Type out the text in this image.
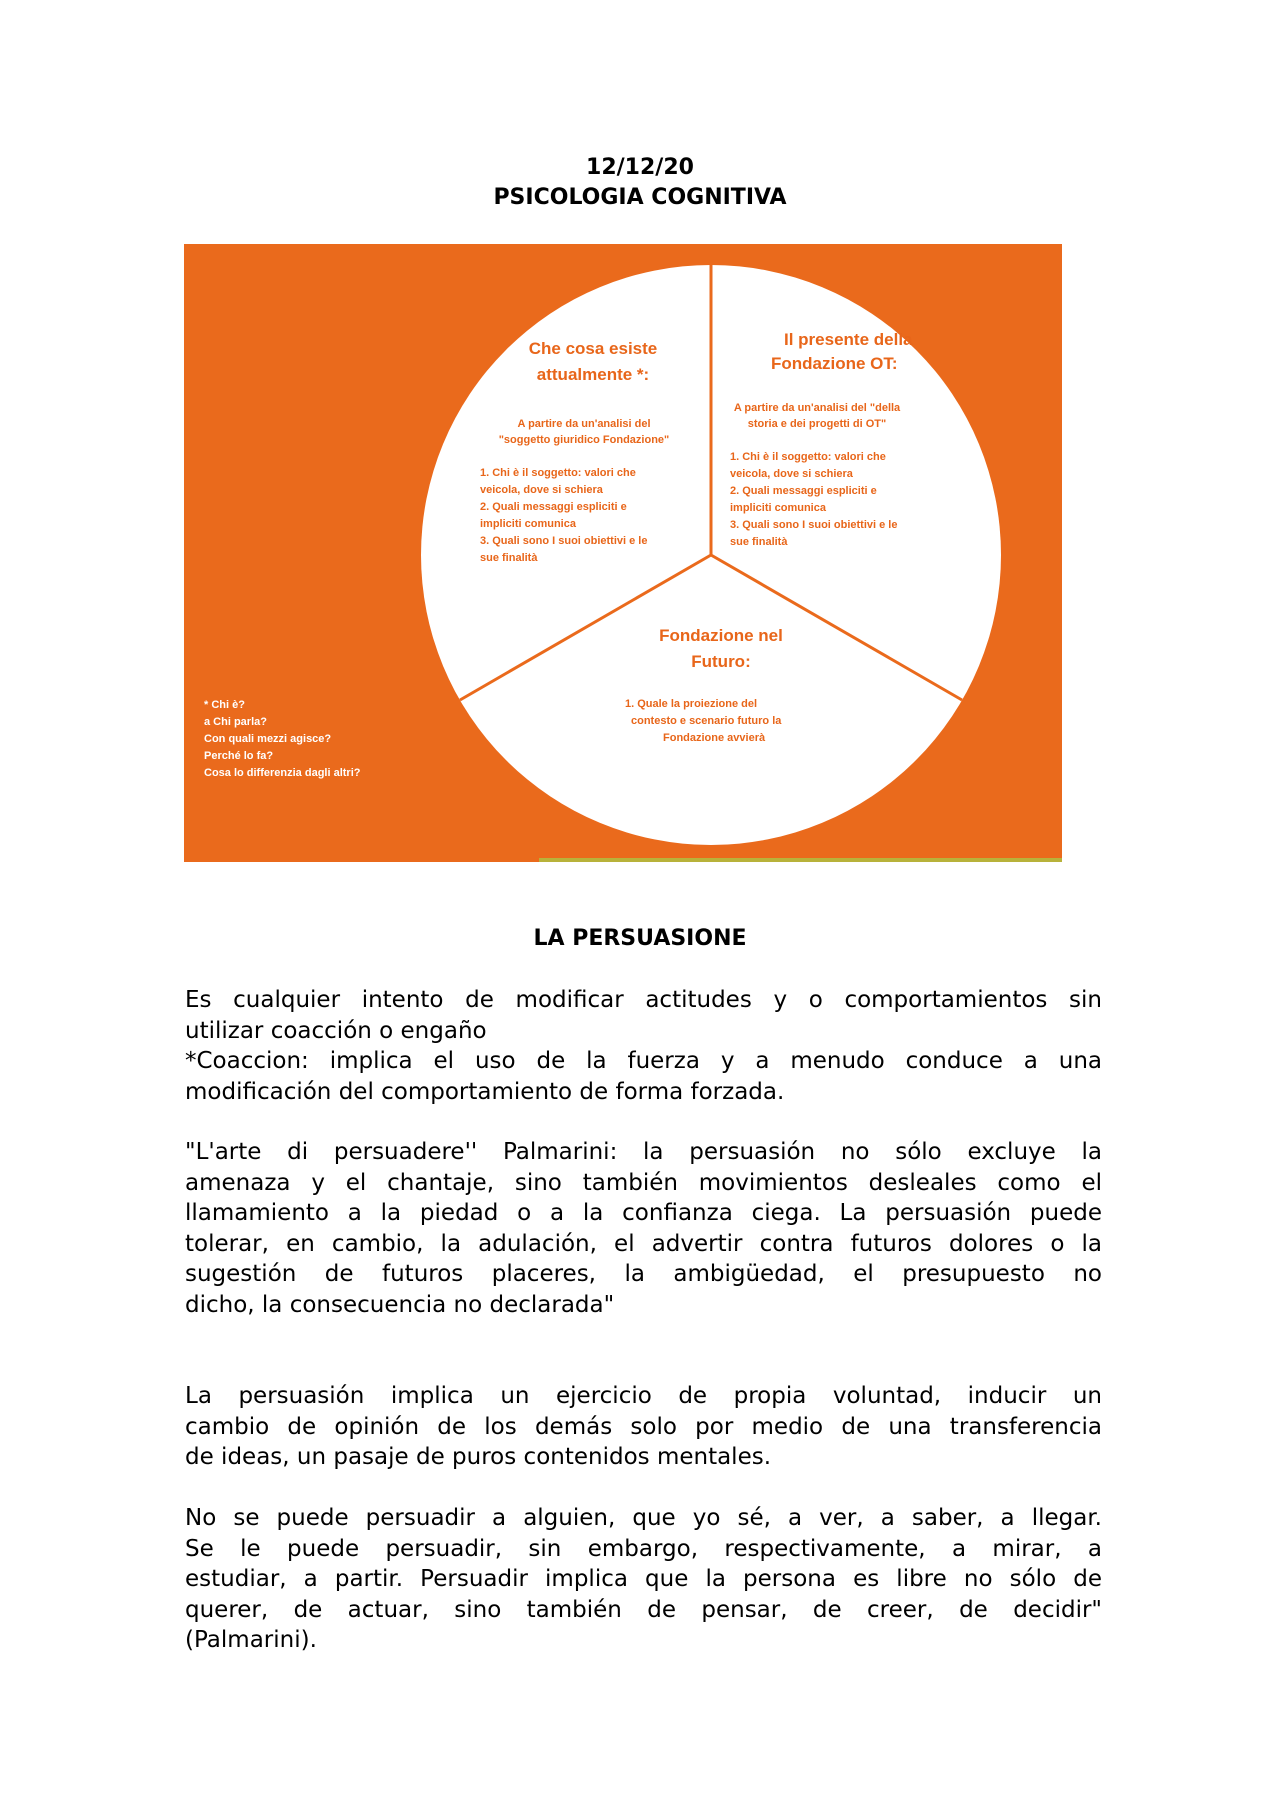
12/12/20
PSICOLOGIA COGNITIVA
Che cosa esiste
attualmente *:
A partire da un'analisi del
"soggetto giuridico Fondazione"
1. Chi è il soggetto: valori che
veicola, dove si schiera
2. Quali messaggi espliciti e
impliciti comunica
3. Quali sono I suoi obiettivi e le
sue finalità
Il presente della
Fondazione OT:
A partire da un'analisi del "della
storia e dei progetti di OT"
1. Chi è il soggetto: valori che
veicola, dove si schiera
2. Quali messaggi espliciti e
impliciti comunica
3. Quali sono I suoi obiettivi e le
sue finalità
Fondazione nel
Futuro:
1. Quale la proiezione del
contesto e scenario futuro la
Fondazione avvierà
* Chi è?
a Chi parla?
Con quali mezzi agisce?
Perché lo fa?
Cosa lo differenzia dagli altri?
LA PERSUASIONE

Es cualquier intento de modificar actitudes y o comportamientos sin
utilizar coacción o engaño
*Coaccion: implica el uso de la fuerza y a menudo conduce a una
modificación del comportamiento de forma forzada.

"L'arte di persuadere'' Palmarini: la persuasión no sólo excluye la
amenaza y el chantaje, sino también movimientos desleales como el
llamamiento a la piedad o a la confianza ciega. La persuasión puede
tolerar, en cambio, la adulación, el advertir contra futuros dolores o la
sugestión de futuros placeres, la ambigüedad, el presupuesto no
dicho, la consecuencia no declarada"

La persuasión implica un ejercicio de propia voluntad, inducir un
cambio de opinión de los demás solo por medio de una transferencia
de ideas, un pasaje de puros contenidos mentales.

No se puede persuadir a alguien, que yo sé, a ver, a saber, a llegar.
Se le puede persuadir, sin embargo, respectivamente, a mirar, a
estudiar, a partir. Persuadir implica que la persona es libre no sólo de
querer, de actuar, sino también de pensar, de creer, de decidir"
(Palmarini).
